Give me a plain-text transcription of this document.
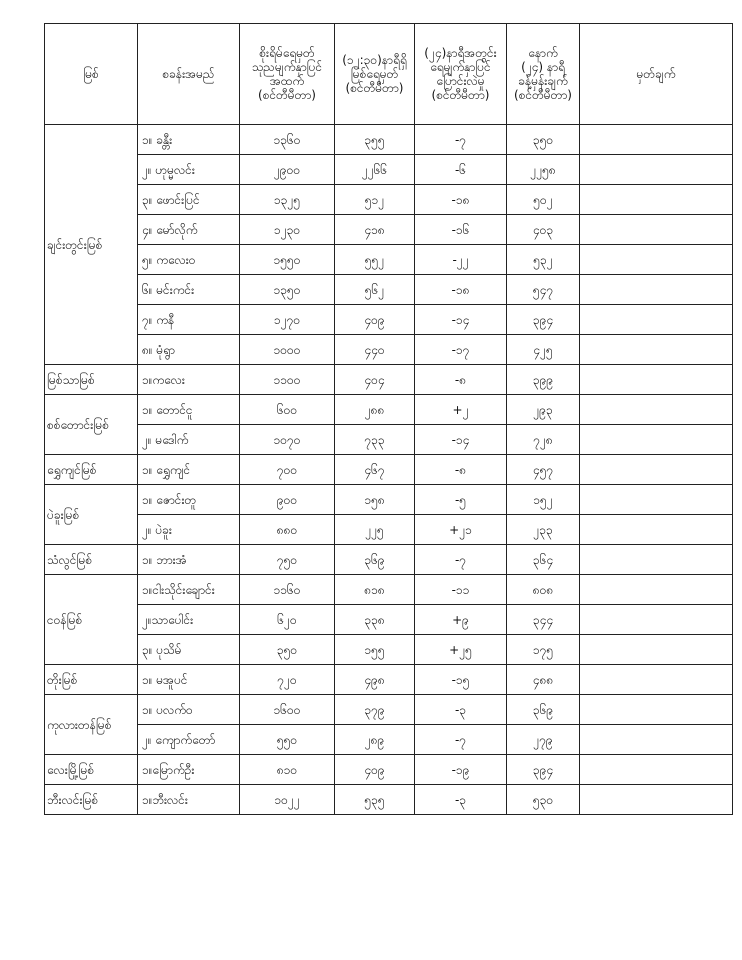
မြစ်	စခန်းအမည်	စိုးရိမ်ရေမှတ်
သုညမျက်နှာပြင်
အထက်
(စင်တီမီတာ)	(၁၂:၃၀)နာရီရှိ
မြစ်ရေမှတ်
(စင်တီမီတာ)	(၂၄)နာရီအတွင်း
ရေမျက်နှာပြင်
ပြောင်းလဲမှု
(စင်တီမီတာ)	နောက်
(၂၄) နာရီ
ခန့်မှန်းချက်
(စင်တီမီတာ)	မှတ်ချက်
ချင်းတွင်းမြစ်	၁။ ခန္တီး	၁၃၆၀	၃၅၅	-၇	၃၅၀	
	၂။ ဟုမ္မလင်း	၂၉၀၀	၂၂၆၆	-၆	၂၂၅၈	
	၃။ ဖောင်းပြင်	၁၃၂၅	၅၁၂	-၁၈	၅၀၂	
	၄။ မော်လိုက်	၁၂၃၀	၄၁၈	-၁၆	၄၀၃	
	၅။ ကလေးဝ	၁၅၅၀	၅၅၂	-၂၂	၅၃၂	
	၆။ မင်းကင်း	၁၃၅၀	၅၆၂	-၁၈	၅၄၇	
	၇။ ကနီ	၁၂၇၀	၄၀၉	-၁၄	၃၉၄	
	၈။ မုံရွာ	၁၀၀၀	၄၄၀	-၁၇	၄၂၅	
မြစ်သာမြစ်	၁။ကလေး	၁၁၀၀	၄၀၄	-၈	၃၉၉	
စစ်တောင်းမြစ်	၁။ တောင်ငူ	၆၀၀	၂၈၈	+၂	၂၉၃	
	၂။ မဒေါက်	၁၀၇၀	၇၃၃	-၁၄	၇၂၈	
ရွှေကျင်မြစ်	၁။ ရွှေကျင်	၇၀၀	၄၆၇	-၈	၄၅၇	
ပဲခူးမြစ်	၁။ ဇောင်းတူ	၉၀၀	၁၅၈	-၅	၁၅၂	
	၂။ ပဲခူး	၈၈၀	၂၂၅	+၂၁	၂၃၃	
သံလွင်မြစ်	၁။ ဘားအံ	၇၅၀	၃၆၉	-၇	၃၆၄	
ငဝန်မြစ်	၁။ငါးသိုင်းချောင်း	၁၁၆၀	၈၁၈	-၁၁	၈၀၈	
	၂။သာပေါင်း	၆၂၀	၃၃၈	+၉	၃၄၄	
	၃။ ပုသိမ်	၃၅၀	၁၅၅	+၂၅	၁၇၅	
တိုးမြစ်	၁။ မအူပင်	၇၂၀	၄၉၈	-၁၅	၄၈၈	
ကုလားတန်မြစ်	၁။ ပလက်ဝ	၁၆၀၀	၃၇၉	-၃	၃၆၉	
	၂။ ကျောက်တော်	၅၅၀	၂၈၉	-၇	၂၇၉	
လေးမြို့မြစ်	၁။မြောက်ဦး	၈၁၀	၄၀၉	-၁၉	၃၉၄	
ဘီးလင်းမြစ်	၁။ဘီးလင်း	၁၀၂၂	၅၃၅	-၃	၅၃၀	
